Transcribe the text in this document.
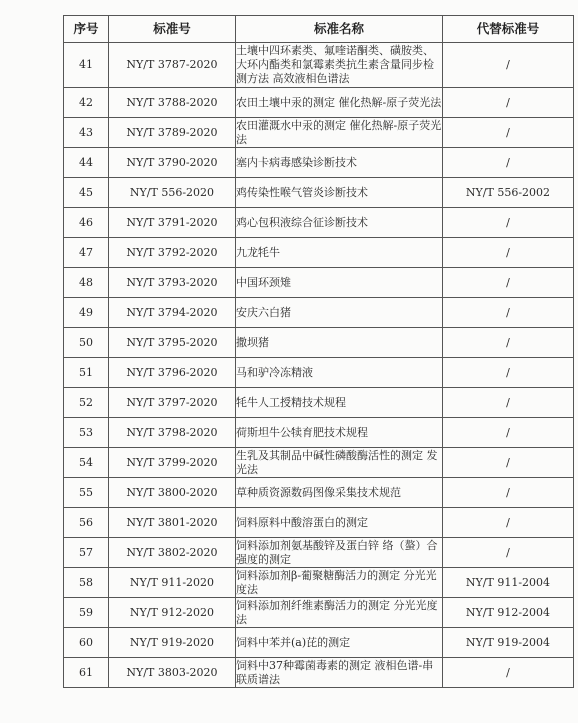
序号	标准号	标准名称	代替标准号
41	NY/T 3787-2020	土壤中四环素类、氟喹诺酮类、磺胺类、大环内酯类和氯霉素类抗生素含量同步检测方法 高效液相色谱法	/
42	NY/T 3788-2020	农田土壤中汞的测定 催化热解-原子荧光法	/
43	NY/T 3789-2020	农田灌溉水中汞的测定 催化热解-原子荧光法	/
44	NY/T 3790-2020	塞内卡病毒感染诊断技术	/
45	NY/T 556-2020	鸡传染性喉气管炎诊断技术	NY/T 556-2002
46	NY/T 3791-2020	鸡心包积液综合征诊断技术	/
47	NY/T 3792-2020	九龙牦牛	/
48	NY/T 3793-2020	中国环颈雉	/
49	NY/T 3794-2020	安庆六白猪	/
50	NY/T 3795-2020	撒坝猪	/
51	NY/T 3796-2020	马和驴冷冻精液	/
52	NY/T 3797-2020	牦牛人工授精技术规程	/
53	NY/T 3798-2020	荷斯坦牛公犊育肥技术规程	/
54	NY/T 3799-2020	生乳及其制品中碱性磷酸酶活性的测定 发光法	/
55	NY/T 3800-2020	草种质资源数码图像采集技术规范	/
56	NY/T 3801-2020	饲料原料中酸溶蛋白的测定	/
57	NY/T 3802-2020	饲料添加剂氨基酸锌及蛋白锌 络（螯）合强度的测定	/
58	NY/T 911-2020	饲料添加剂β-葡聚糖酶活力的测定 分光光度法	NY/T 911-2004
59	NY/T 912-2020	饲料添加剂纤维素酶活力的测定 分光光度法	NY/T 912-2004
60	NY/T 919-2020	饲料中苯并(a)芘的测定	NY/T 919-2004
61	NY/T 3803-2020	饲料中37种霉菌毒素的测定 液相色谱-串联质谱法	/
